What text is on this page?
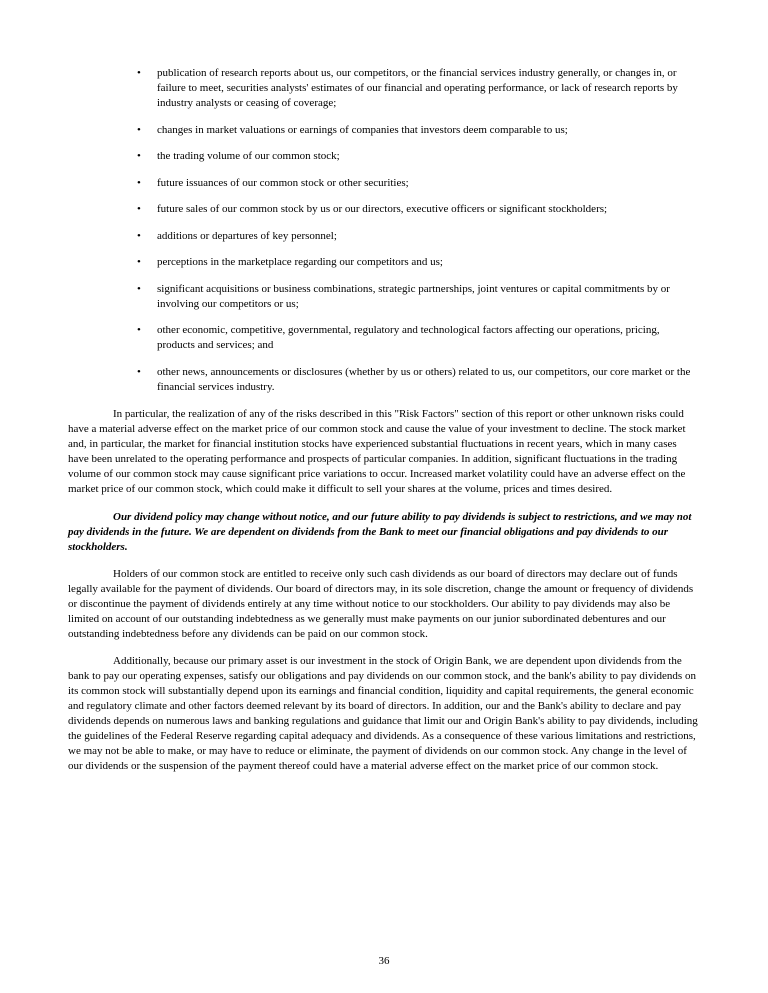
•	publication of research reports about us, our competitors, or the financial services industry generally, or changes in, or failure to meet, securities analysts' estimates of our financial and operating performance, or lack of research reports by industry analysts or ceasing of coverage;
•	changes in market valuations or earnings of companies that investors deem comparable to us;
•	the trading volume of our common stock;
•	future issuances of our common stock or other securities;
•	future sales of our common stock by us or our directors, executive officers or significant stockholders;
•	additions or departures of key personnel;
•	perceptions in the marketplace regarding our competitors and us;
•	significant acquisitions or business combinations, strategic partnerships, joint ventures or capital commitments by or involving our competitors or us;
•	other economic, competitive, governmental, regulatory and technological factors affecting our operations, pricing, products and services; and
•	other news, announcements or disclosures (whether by us or others) related to us, our competitors, our core market or the financial services industry.

In particular, the realization of any of the risks described in this "Risk Factors" section of this report or other unknown risks could have a material adverse effect on the market price of our common stock and cause the value of your investment to decline. The stock market and, in particular, the market for financial institution stocks have experienced substantial fluctuations in recent years, which in many cases have been unrelated to the operating performance and prospects of particular companies. In addition, significant fluctuations in the trading volume of our common stock may cause significant price variations to occur. Increased market volatility could have an adverse effect on the market price of our common stock, which could make it difficult to sell your shares at the volume, prices and times desired.

Our dividend policy may change without notice, and our future ability to pay dividends is subject to restrictions, and we may not pay dividends in the future. We are dependent on dividends from the Bank to meet our financial obligations and pay dividends to our stockholders.

Holders of our common stock are entitled to receive only such cash dividends as our board of directors may declare out of funds legally available for the payment of dividends. Our board of directors may, in its sole discretion, change the amount or frequency of dividends or discontinue the payment of dividends entirely at any time without notice to our stockholders. Our ability to pay dividends may also be limited on account of our outstanding indebtedness as we generally must make payments on our junior subordinated debentures and our outstanding indebtedness before any dividends can be paid on our common stock.

Additionally, because our primary asset is our investment in the stock of Origin Bank, we are dependent upon dividends from the bank to pay our operating expenses, satisfy our obligations and pay dividends on our common stock, and the bank's ability to pay dividends on its common stock will substantially depend upon its earnings and financial condition, liquidity and capital requirements, the general economic and regulatory climate and other factors deemed relevant by its board of directors. In addition, our and the Bank's ability to declare and pay dividends depends on numerous laws and banking regulations and guidance that limit our and Origin Bank's ability to pay dividends, including the guidelines of the Federal Reserve regarding capital adequacy and dividends. As a consequence of these various limitations and restrictions, we may not be able to make, or may have to reduce or eliminate, the payment of dividends on our common stock. Any change in the level of our dividends or the suspension of the payment thereof could have a material adverse effect on the market price of our common stock.

36
